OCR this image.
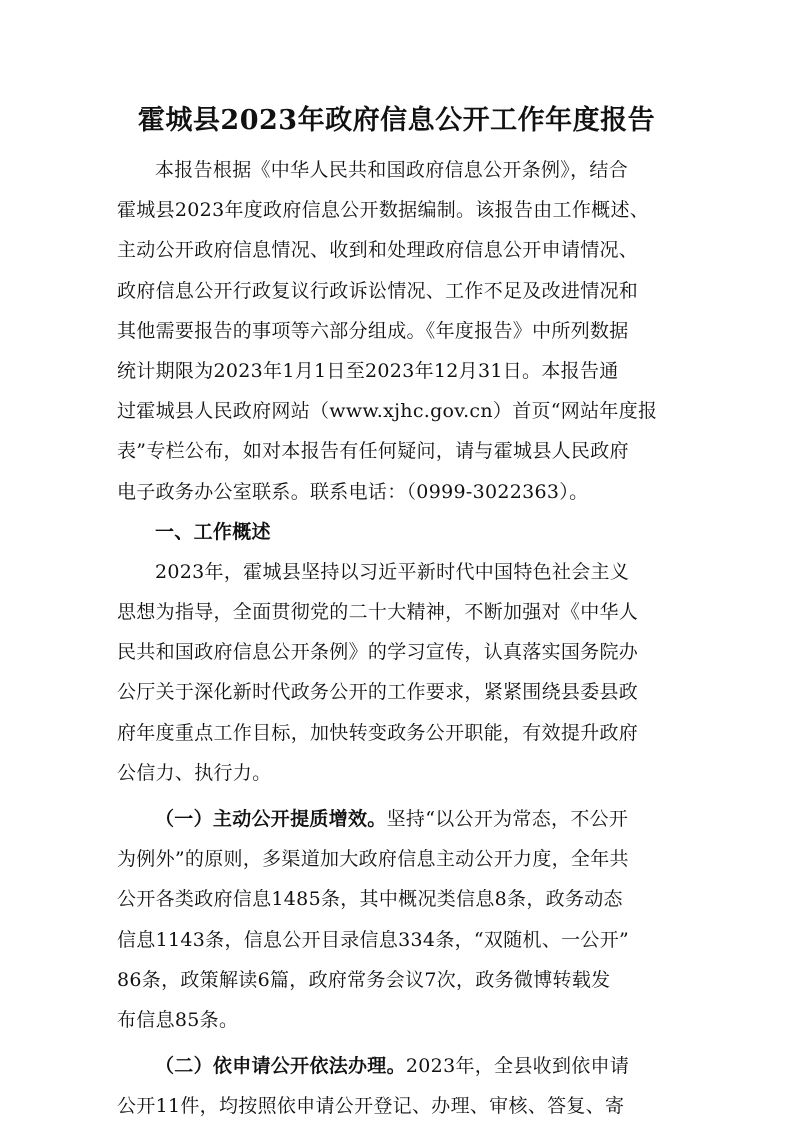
霍城县2023年政府信息公开工作年度报告
本报告根据《中华人民共和国政府信息公开条例》，结合
霍城县2023年度政府信息公开数据编制。该报告由工作概述、
主动公开政府信息情况、收到和处理政府信息公开申请情况、
政府信息公开行政复议行政诉讼情况、工作不足及改进情况和
其他需要报告的事项等六部分组成。《年度报告》中所列数据
统计期限为2023年1月1日至2023年12月31日。本报告通
过霍城县人民政府网站（www.xjhc.gov.cn）首页“网站年度报
表”专栏公布，如对本报告有任何疑问，请与霍城县人民政府
电子政务办公室联系。联系电话：（0999-3022363）。
一、工作概述
2023年，霍城县坚持以习近平新时代中国特色社会主义
思想为指导，全面贯彻党的二十大精神，不断加强对《中华人
民共和国政府信息公开条例》的学习宣传，认真落实国务院办
公厅关于深化新时代政务公开的工作要求，紧紧围绕县委县政
府年度重点工作目标，加快转变政务公开职能，有效提升政府
公信力、执行力。
（一）主动公开提质增效。坚持“以公开为常态，不公开
为例外”的原则，多渠道加大政府信息主动公开力度，全年共
公开各类政府信息1485条，其中概况类信息8条，政务动态
信息1143条，信息公开目录信息334条，“双随机、一公开”
86条，政策解读6篇，政府常务会议7次，政务微博转载发
布信息85条。
（二）依申请公开依法办理。2023年，全县收到依申请
公开11件，均按照依申请公开登记、办理、审核、答复、寄
